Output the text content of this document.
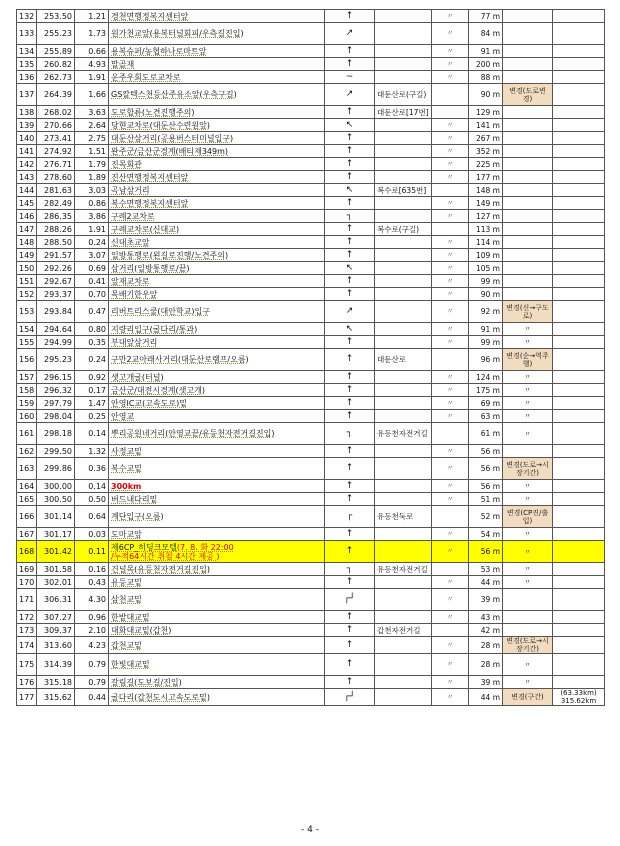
132	253.50	1.21	경천면행정복지센터앞	↑		〃	77 m		
133	255.23	1.73	원가천교앞(용복터널회피/우측길진입)	↗		〃	84 m		
134	255.89	0.66	용복슈퍼/농협하나로마트앞	↑		〃	91 m		
135	260.82	4.93	말골재	↑		〃	200 m		
136	262.73	1.91	운주우회도로교차로	~		〃	88 m		
137	264.39	1.66	GS칼텍스천등산주유소앞(우측구길)	↗	대둔산로(구길)		90 m	변경(도로변경)	
138	268.02	3.63	도로합류(노견진행주의)	↑	대둔산로[17번]		129 m		
139	270.66	2.64	당현교차로(대둔산수련원앞)	↖		〃	141 m		
140	273.41	2.75	대둔산삼거리(공용버스터미널입구)	↑		〃	267 m		
141	274.92	1.51	완주군/금산군경계(배티재349m)	↑		〃	352 m		
142	276.71	1.79	진목회관	↑		〃	225 m		
143	278.60	1.89	진산면행정복지센터앞	↑		〃	177 m		
144	281.63	3.03	곡남삼거리	↖	복수로[635번]		148 m		
145	282.49	0.86	복수면행정복지센터앞	↑		〃	149 m		
146	286.35	3.86	구례2교차로	┐		〃	127 m		
147	288.26	1.91	구례교차로(신대교)	↑	복수로(구길)		113 m		
148	288.50	0.24	신대초교앞	↑		〃	114 m		
149	291.57	3.07	일방통행로(왼길로진행/노견주의)	↑		〃	109 m		
150	292.26	0.69	삼거리(일방통행로/끝)	↖		〃	105 m		
151	292.67	0.41	앞재교차로	↑		〃	99 m		
152	293.37	0.70	목배기한우앞	↑		〃	90 m		
153	293.84	0.47	리버트리스쿨(대안학교)입구	↗		〃	92 m	변경(신→구도로)	
154	294.64	0.80	지량리입구(굴다리/통과)	↖		〃	91 m	〃	
155	294.99	0.35	부대앞삼거리	↑		〃	99 m	〃	
156	295.23	0.24	구만2교아래사거리(대둔산로램프/오름)	↑	대둔산로		96 m	변경(순→역주행)	
157	296.15	0.92	샛고개굴(터널)	↑		〃	124 m	〃	
158	296.32	0.17	금산군/대전시경계(샛고개)	↑		〃	175 m	〃	
159	297.79	1.47	안영IC교(고속도로)밑	↑		〃	69 m	〃	
160	298.04	0.25	안영교	↑		〃	63 m	〃	
161	298.18	0.14	뿌리공원네거리(안영교끝/유등천자전거길진입)	┐	유등천자전거길		61 m	〃	
162	299.50	1.32	사정교밑	↑		〃	56 m		
163	299.86	0.36	복수교밑	↑		〃	56 m	변경(도로→시장기간)	
164	300.00	0.14	300km	↑		〃	56 m	〃	
165	300.50	0.50	버드내다리밑	↑		〃	51 m	〃	
166	301.14	0.64	계단입구(오름)	┌	유등천둑로		52 m	변경(CP진/출입)	
167	301.17	0.03	도마교앞	↑		〃	54 m	〃	
168	301.42	0.11	제6CP_히딩크모텔(7. 8. 화 22:00
/누적64시간 취침 4시간 제공 )	↑		〃	56 m	〃	
169	301.58	0.16	건널목(유등천자전거길진입)	┐	유등천자전거길		53 m	〃	
170	302.01	0.43	유등교밑	↑		〃	44 m	〃	
171	306.31	4.30	삼천교밑	┌┘		〃	39 m		
172	307.27	0.96	한밭대교밑	↑		〃	43 m		
173	309.37	2.10	대화대교밑(갑천)	↑	갑천자전거길		42 m		
174	313.60	4.23	갑천교밑	↑		〃	28 m	변경(도로→시장기간)	
175	314.39	0.79	한빛대교밑	↑		〃	28 m	〃	
176	315.18	0.79	갈림길(도보길/진입)	↑		〃	39 m	〃	
177	315.62	0.44	굴다리(갑천도시고속도로밑)	┌┘		〃	44 m	변경(구간)	(63.33km) 315.62km
- 4 -
